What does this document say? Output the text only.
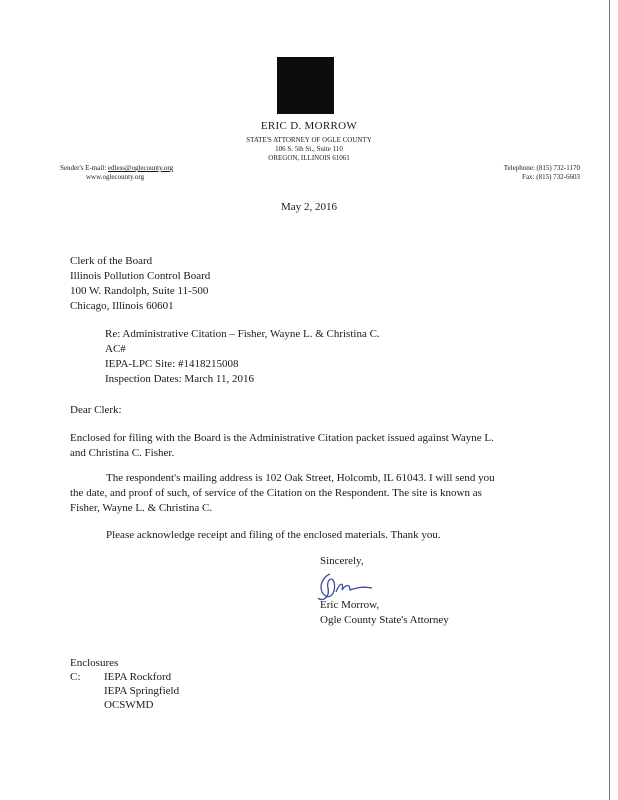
ERIC D. MORROW
STATE'S ATTORNEY OF OGLE COUNTY
106 S. 5th St., Suite 110
OREGON, ILLINOIS 61061
Sender's E-mail: edless@oglecounty.org
www.oglecounty.org
Telephone: (815) 732-1170
Fax: (815) 732-6603
May 2, 2016

Clerk of the Board

Illinois Pollution Control Board

100 W. Randolph, Suite 11-500

Chicago, Illinois 60601

Re: Administrative Citation – Fisher, Wayne L. & Christina C.

AC#

IEPA-LPC Site: #1418215008

Inspection Dates: March 11, 2016

Dear Clerk:

Enclosed for filing with the Board is the Administrative Citation packet issued against Wayne L.

and Christina C. Fisher.

The respondent's mailing address is 102 Oak Street, Holcomb, IL 61043. I will send you

the date, and proof of such, of service of the Citation on the Respondent. The site is known as

Fisher, Wayne L. & Christina C.

Please acknowledge receipt and filing of the enclosed materials. Thank you.

Sincerely,

Eric Morrow,

Ogle County State's Attorney

Enclosures
C: IEPA Rockford
IEPA Springfield
OCSWMD
